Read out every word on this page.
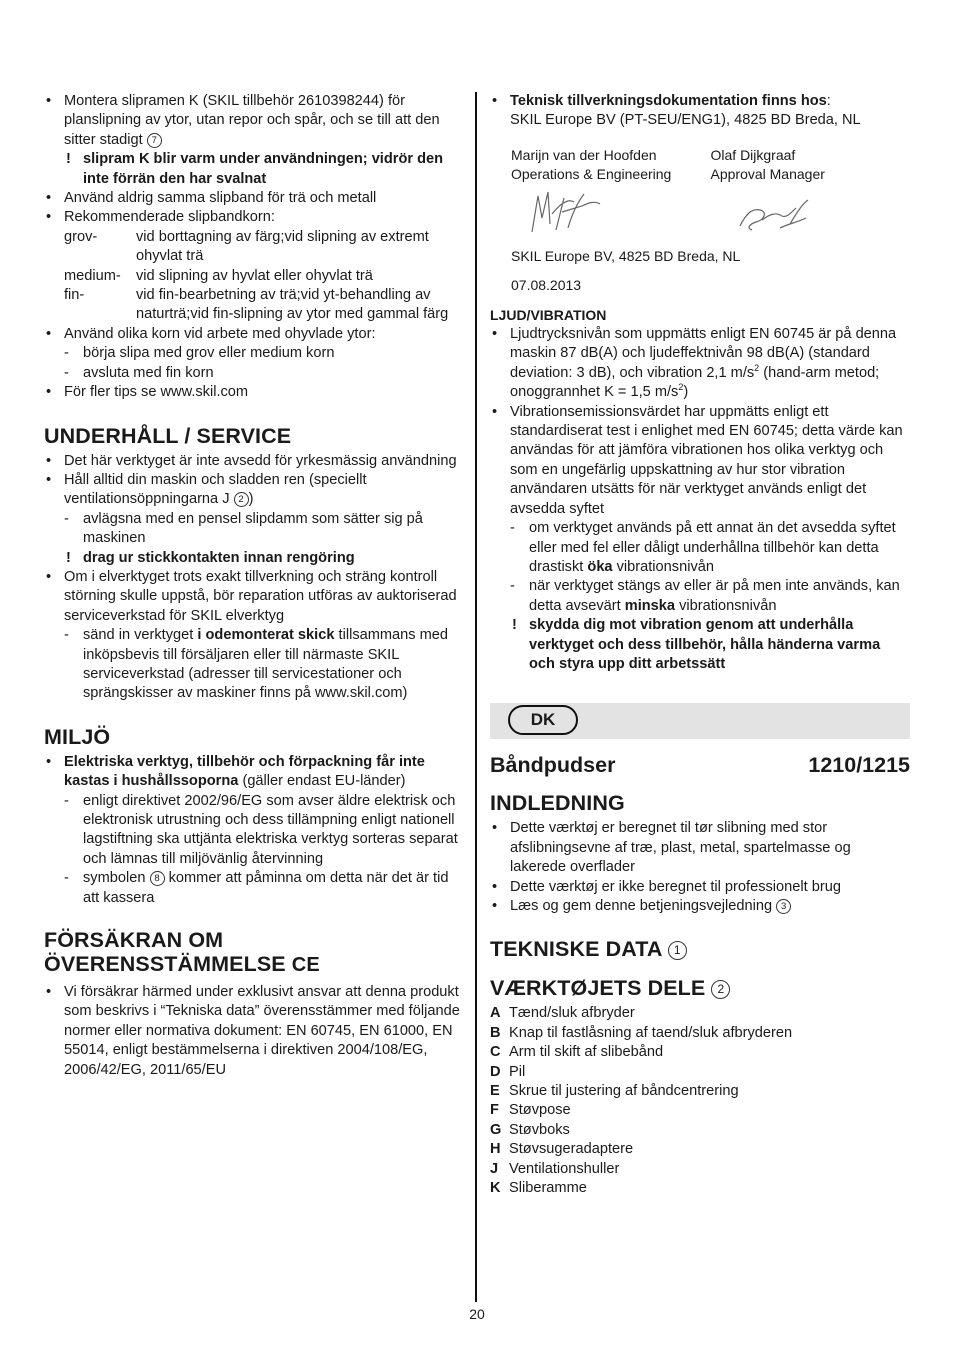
• Montera slipramen K (SKIL tillbehör 2610398244) för planslipning av ytor, utan repor och spår, och se till att den sitter stadigt 7
! slipram K blir varm under användningen; vidrör den inte förrän den har svalnat
• Använd aldrig samma slipband för trä och metall
• Rekommenderade slipbandkorn:
grov-	vid borttagning av färg;vid slipning av extremt ohyvlat trä
medium-	vid slipning av hyvlat eller ohyvlat trä
fin-	vid fin-bearbetning av trä;vid yt-behandling av naturträ;vid fin-slipning av ytor med gammal färg
• Använd olika korn vid arbete med ohyvlade ytor:
- börja slipa med grov eller medium korn
- avsluta med fin korn
• För fler tips se www.skil.com
UNDERHÅLL / SERVICE
• Det här verktyget är inte avsedd för yrkesmässig användning
• Håll alltid din maskin och sladden ren (speciellt ventilationsöppningarna J 2 )
- avlägsna med en pensel slipdamm som sätter sig på maskinen
! drag ur stickkontakten innan rengöring
• Om i elverktyget trots exakt tillverkning och sträng kontroll störning skulle uppstå, bör reparation utföras av auktoriserad serviceverkstad för SKIL elverktyg
- sänd in verktyget i odemonterat skick tillsammans med inköpsbevis till försäljaren eller till närmaste SKIL serviceverkstad (adresser till servicestationer och sprängskisser av maskiner finns på www.skil.com)
MILJÖ
• Elektriska verktyg, tillbehör och förpackning får inte kastas i hushållssoporna (gäller endast EU-länder)
- enligt direktivet 2002/96/EG som avser äldre elektrisk och elektronisk utrustning och dess tillämpning enligt nationell lagstiftning ska uttjänta elektriska verktyg sorteras separat och lämnas till miljövänlig återvinning
- symbolen 8 kommer att påminna om detta när det är tid att kassera
FÖRSÄKRAN OM
ÖVERENSSTÄMMELSE CE
• Vi försäkrar härmed under exklusivt ansvar att denna produkt som beskrivs i “Tekniska data” överensstämmer med följande normer eller normativa dokument: EN 60745, EN 61000, EN 55014, enligt bestämmelserna i direktiven 2004/108/EG, 2006/42/EG, 2011/65/EU
• Teknisk tillverkningsdokumentation finns hos:
SKIL Europe BV (PT-SEU/ENG1), 4825 BD Breda, NL
Marijn van der Hoofden
Operations & Engineering
Olaf Dijkgraaf
Approval Manager
SKIL Europe BV, 4825 BD Breda, NL
07.08.2013
LJUD/VIBRATION
• Ljudtrycksnivån som uppmätts enligt EN 60745 är på denna maskin 87 dB(A) och ljudeffektnivån 98 dB(A) (standard deviation: 3 dB), och vibration 2,1 $m/s^2$ (hand-arm metod; onoggrannhet K = 1,5 $m/s^2$)
• Vibrationsemissionsvärdet har uppmätts enligt ett standardiserat test i enlighet med EN 60745; detta värde kan användas för att jämföra vibrationen hos olika verktyg och som en ungefärlig uppskattning av hur stor vibration användaren utsätts för när verktyget används enligt det avsedda syftet
- om verktyget används på ett annat än det avsedda syftet eller med fel eller dåligt underhållna tillbehör kan detta drastiskt öka vibrationsnivån
- när verktyget stängs av eller är på men inte används, kan detta avsevärt minska vibrationsnivån
! skydda dig mot vibration genom att underhålla verktyget och dess tillbehör, hålla händerna varma och styra upp ditt arbetssätt
DK
Båndpudser	1210/1215
INDLEDNING
• Dette værktøj er beregnet til tør slibning med stor afslibningsevne af træ, plast, metal, spartelmasse og lakerede overflader
• Dette værktøj er ikke beregnet til professionelt brug
• Læs og gem denne betjeningsvejledning 3
TEKNISKE DATA 1
VÆRKTØJETS DELE 2
A Tænd/sluk afbryder
B Knap til fastlåsning af taend/sluk afbryderen
C Arm til skift af slibebånd
D Pil
E Skrue til justering af båndcentrering
F Støvpose
G Støvboks
H Støvsugeradaptere
J Ventilationshuller
K Sliberamme
20
